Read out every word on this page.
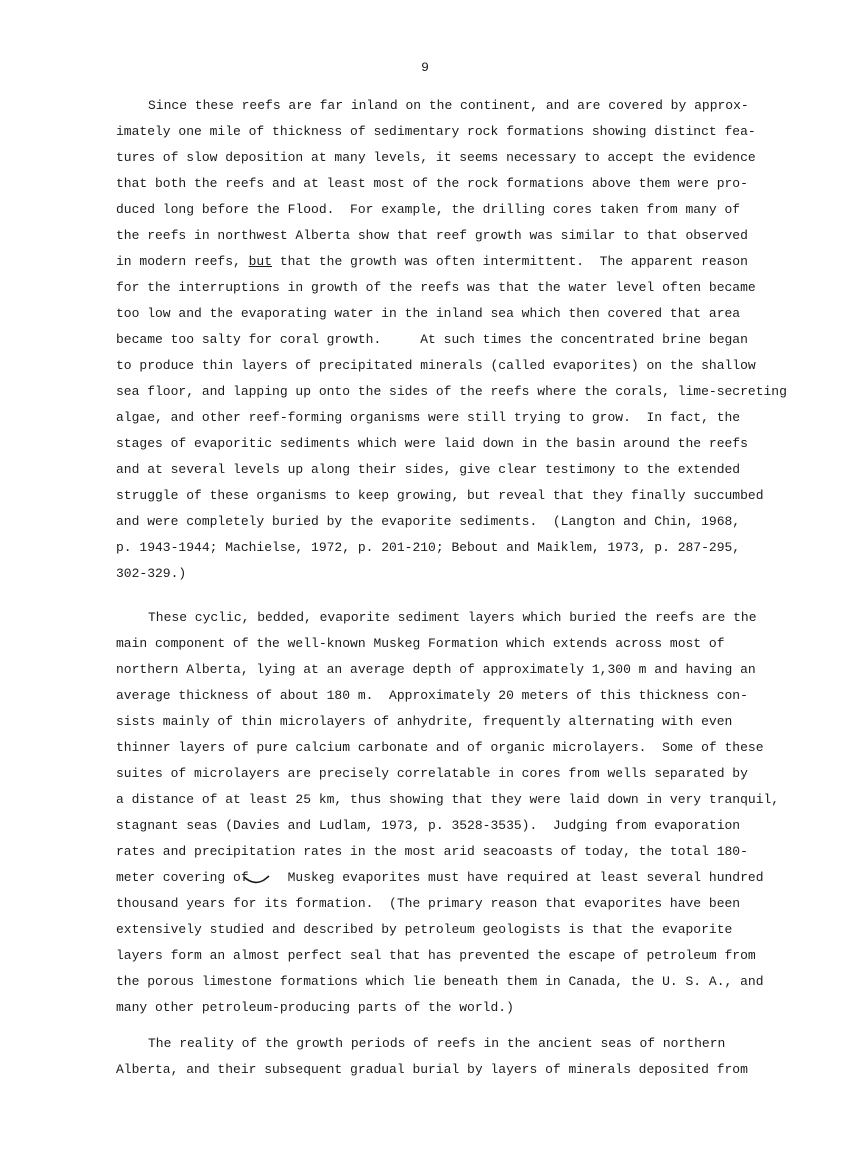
9
Since these reefs are far inland on the continent, and are covered by approx-
imately one mile of thickness of sedimentary rock formations showing distinct fea-
tures of slow deposition at many levels, it seems necessary to accept the evidence
that both the reefs and at least most of the rock formations above them were pro-
duced long before the Flood.  For example, the drilling cores taken from many of
the reefs in northwest Alberta show that reef growth was similar to that observed
in modern reefs, but that the growth was often intermittent.  The apparent reason
for the interruptions in growth of the reefs was that the water level often became
too low and the evaporating water in the inland sea which then covered that area
became too salty for coral growth.     At such times the concentrated brine began
to produce thin layers of precipitated minerals (called evaporites) on the shallow
sea floor, and lapping up onto the sides of the reefs where the corals, lime-secreting
algae, and other reef-forming organisms were still trying to grow.  In fact, the
stages of evaporitic sediments which were laid down in the basin around the reefs
and at several levels up along their sides, give clear testimony to the extended
struggle of these organisms to keep growing, but reveal that they finally succumbed
and were completely buried by the evaporite sediments.  (Langton and Chin, 1968,
p. 1943-1944; Machielse, 1972, p. 201-210; Bebout and Maiklem, 1973, p. 287-295,
302-329.)
These cyclic, bedded, evaporite sediment layers which buried the reefs are the
main component of the well-known Muskeg Formation which extends across most of
northern Alberta, lying at an average depth of approximately 1,300 m and having an
average thickness of about 180 m.  Approximately 20 meters of this thickness con-
sists mainly of thin microlayers of anhydrite, frequently alternating with even
thinner layers of pure calcium carbonate and of organic microlayers.  Some of these
suites of microlayers are precisely correlatable in cores from wells separated by
a distance of at least 25 km, thus showing that they were laid down in very tranquil,
stagnant seas (Davies and Ludlam, 1973, p. 3528-3535).  Judging from evaporation
rates and precipitation rates in the most arid seacoasts of today, the total 180-
meter covering of     Muskeg evaporites must have required at least several hundred
thousand years for its formation.  (The primary reason that evaporites have been
extensively studied and described by petroleum geologists is that the evaporite
layers form an almost perfect seal that has prevented the escape of petroleum from
the porous limestone formations which lie beneath them in Canada, the U. S. A., and
many other petroleum-producing parts of the world.)
The reality of the growth periods of reefs in the ancient seas of northern
Alberta, and their subsequent gradual burial by layers of minerals deposited from
